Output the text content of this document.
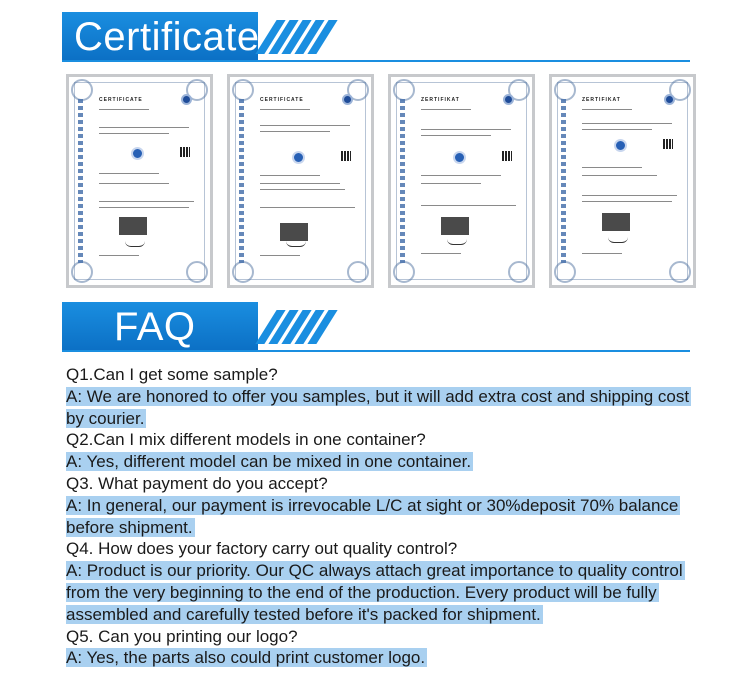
Certificate
CERTIFICATE	CERTIFICATE	ZERTIFIKAT	ZERTIFIKAT
FAQ
Q1.Can I get some sample?
A: We are honored to offer you samples, but it will add extra cost and shipping cost
by courier.
Q2.Can I mix different models in one container?
A: Yes, different model can be mixed in one container.
Q3. What payment do you accept?
A: In general, our payment is irrevocable L/C at sight or 30%deposit 70% balance
before shipment.
Q4. How does your factory carry out quality control?
A: Product is our priority. Our QC always attach great importance to quality control
from the very beginning to the end of the production. Every product will be fully
assembled and carefully tested before it's packed for shipment.
Q5. Can you printing our logo?
A: Yes, the parts also could print customer logo.
